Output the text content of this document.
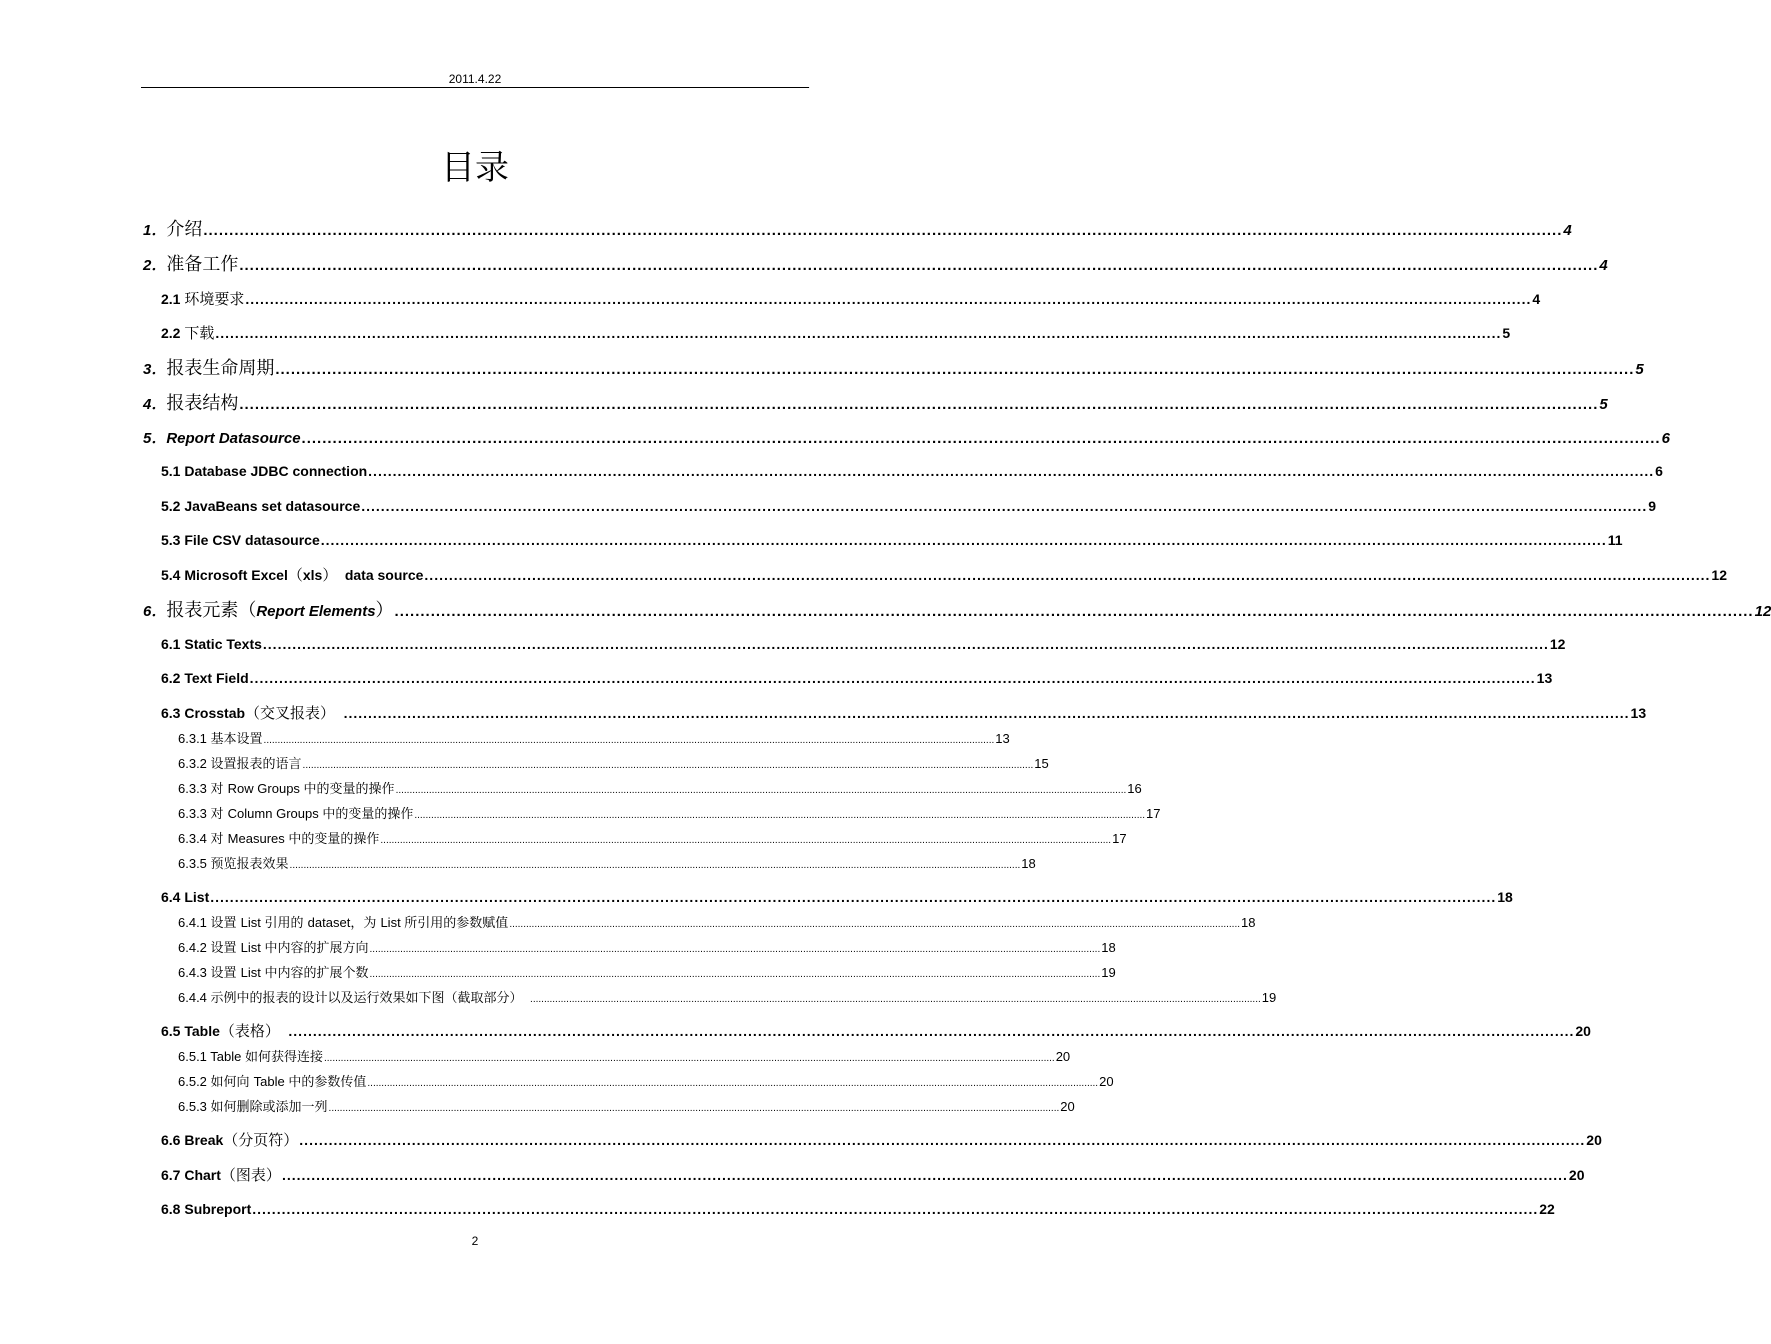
2011.4.22
.
目录
1．介绍 ....................................................................................................................................................................................................................................................................... 4
2．准备工作 ....................................................................................................................................................................................................................................................................... 4
2.1 环境要求 ....................................................................................................................................................................................................................................................................... 4
2.2 下载 ....................................................................................................................................................................................................................................................................... 5
3．报表生命周期 ....................................................................................................................................................................................................................................................................... 5
4．报表结构 ....................................................................................................................................................................................................................................................................... 5
5．Report Datasource ....................................................................................................................................................................................................................................................................... 6
5.1 Database JDBC connection ....................................................................................................................................................................................................................................................................... 6
5.2 JavaBeans set datasource ....................................................................................................................................................................................................................................................................... 9
5.3 File CSV datasource ....................................................................................................................................................................................................................................................................... 11
5.4 Microsoft Excel（xls）　data source ....................................................................................................................................................................................................................................................................... 12
6．报表元素（Report Elements） ....................................................................................................................................................................................................................................................................... 12
6.1 Static Texts ....................................................................................................................................................................................................................................................................... 12
6.2 Text Field ....................................................................................................................................................................................................................................................................... 13
6.3 Crosstab（交叉报表）　 ....................................................................................................................................................................................................................................................................... 13
6.3.1 基本设置 ....................................................................................................................................................................................................................................................................... 13
6.3.2 设置报表的语言 ....................................................................................................................................................................................................................................................................... 15
6.3.3 对 Row Groups 中的变量的操作 ....................................................................................................................................................................................................................................................................... 16
6.3.3 对 Column Groups 中的变量的操作 ....................................................................................................................................................................................................................................................................... 17
6.3.4 对 Measures 中的变量的操作 ....................................................................................................................................................................................................................................................................... 17
6.3.5 预览报表效果 ....................................................................................................................................................................................................................................................................... 18
6.4 List ....................................................................................................................................................................................................................................................................... 18
6.4.1 设置 List 引用的 dataset，为 List 所引用的参数赋值 ....................................................................................................................................................................................................................................................................... 18
6.4.2 设置 List 中内容的扩展方向 ....................................................................................................................................................................................................................................................................... 18
6.4.3 设置 List 中内容的扩展个数 ....................................................................................................................................................................................................................................................................... 19
6.4.4 示例中的报表的设计以及运行效果如下图（截取部分）　 ....................................................................................................................................................................................................................................................................... 19
6.5 Table（表格）　 ....................................................................................................................................................................................................................................................................... 20
6.5.1 Table 如何获得连接 ....................................................................................................................................................................................................................................................................... 20
6.5.2 如何向 Table 中的参数传值 ....................................................................................................................................................................................................................................................................... 20
6.5.3 如何删除或添加一列 ....................................................................................................................................................................................................................................................................... 20
6.6 Break（分页符） ....................................................................................................................................................................................................................................................................... 20
6.7 Chart（图表） ....................................................................................................................................................................................................................................................................... 20
6.8 Subreport ....................................................................................................................................................................................................................................................................... 22
2
